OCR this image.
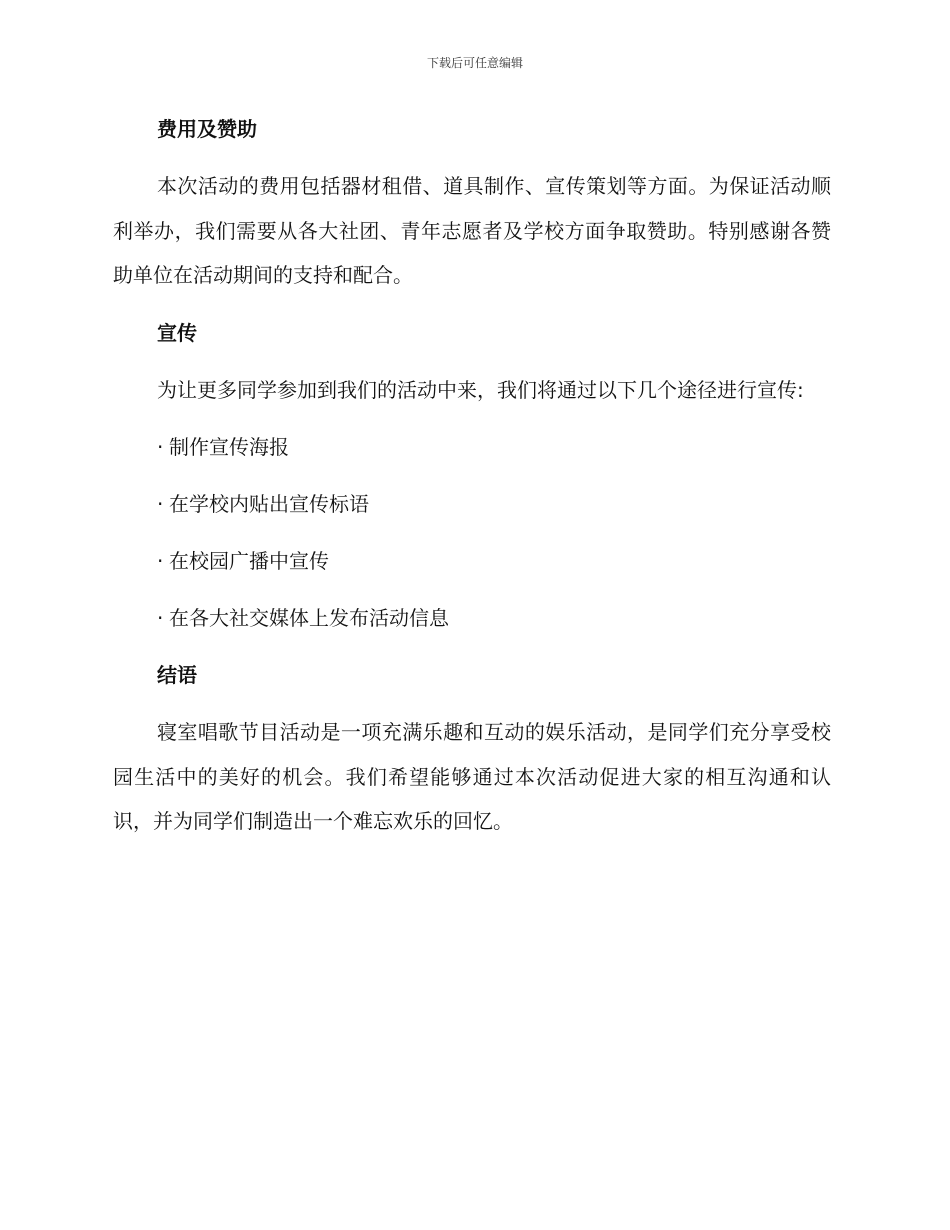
下载后可任意编辑
费用及赞助

本次活动的费用包括器材租借、道具制作、宣传策划等方面。为保证活动顺利举办，我们需要从各大社团、青年志愿者及学校方面争取赞助。特别感谢各赞助单位在活动期间的支持和配合。

宣传

为让更多同学参加到我们的活动中来，我们将通过以下几个途径进行宣传:

· 制作宣传海报
· 在学校内贴出宣传标语
· 在校园广播中宣传
· 在各大社交媒体上发布活动信息
结语

寝室唱歌节目活动是一项充满乐趣和互动的娱乐活动，是同学们充分享受校园生活中的美好的机会。我们希望能够通过本次活动促进大家的相互沟通和认识，并为同学们制造出一个难忘欢乐的回忆。
